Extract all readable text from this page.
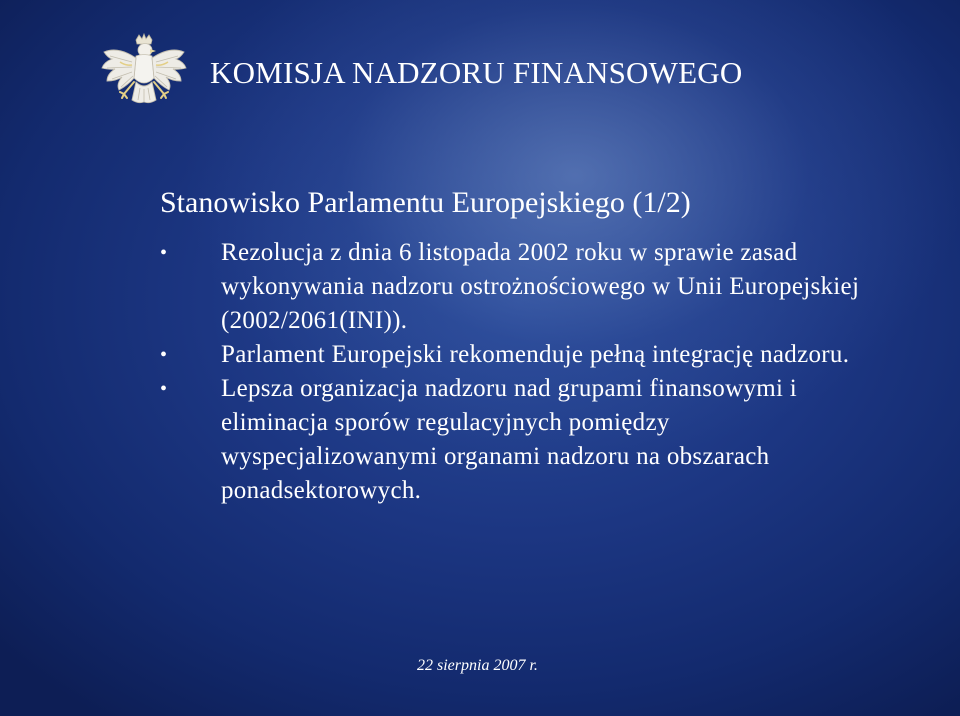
KOMISJA NADZORU FINANSOWEGO
Stanowisko Parlamentu Europejskiego (1/2)
•	Rezolucja z dnia 6 listopada 2002 roku w sprawie zasad wykonywania nadzoru ostrożnościowego w Unii Europejskiej (2002/2061(INI)).
•	Parlament Europejski rekomenduje pełną integrację nadzoru.
•	Lepsza organizacja nadzoru nad grupami finansowymi i eliminacja sporów regulacyjnych pomiędzy wyspecjalizowanymi organami nadzoru na obszarach ponadsektorowych.
22 sierpnia 2007 r.
